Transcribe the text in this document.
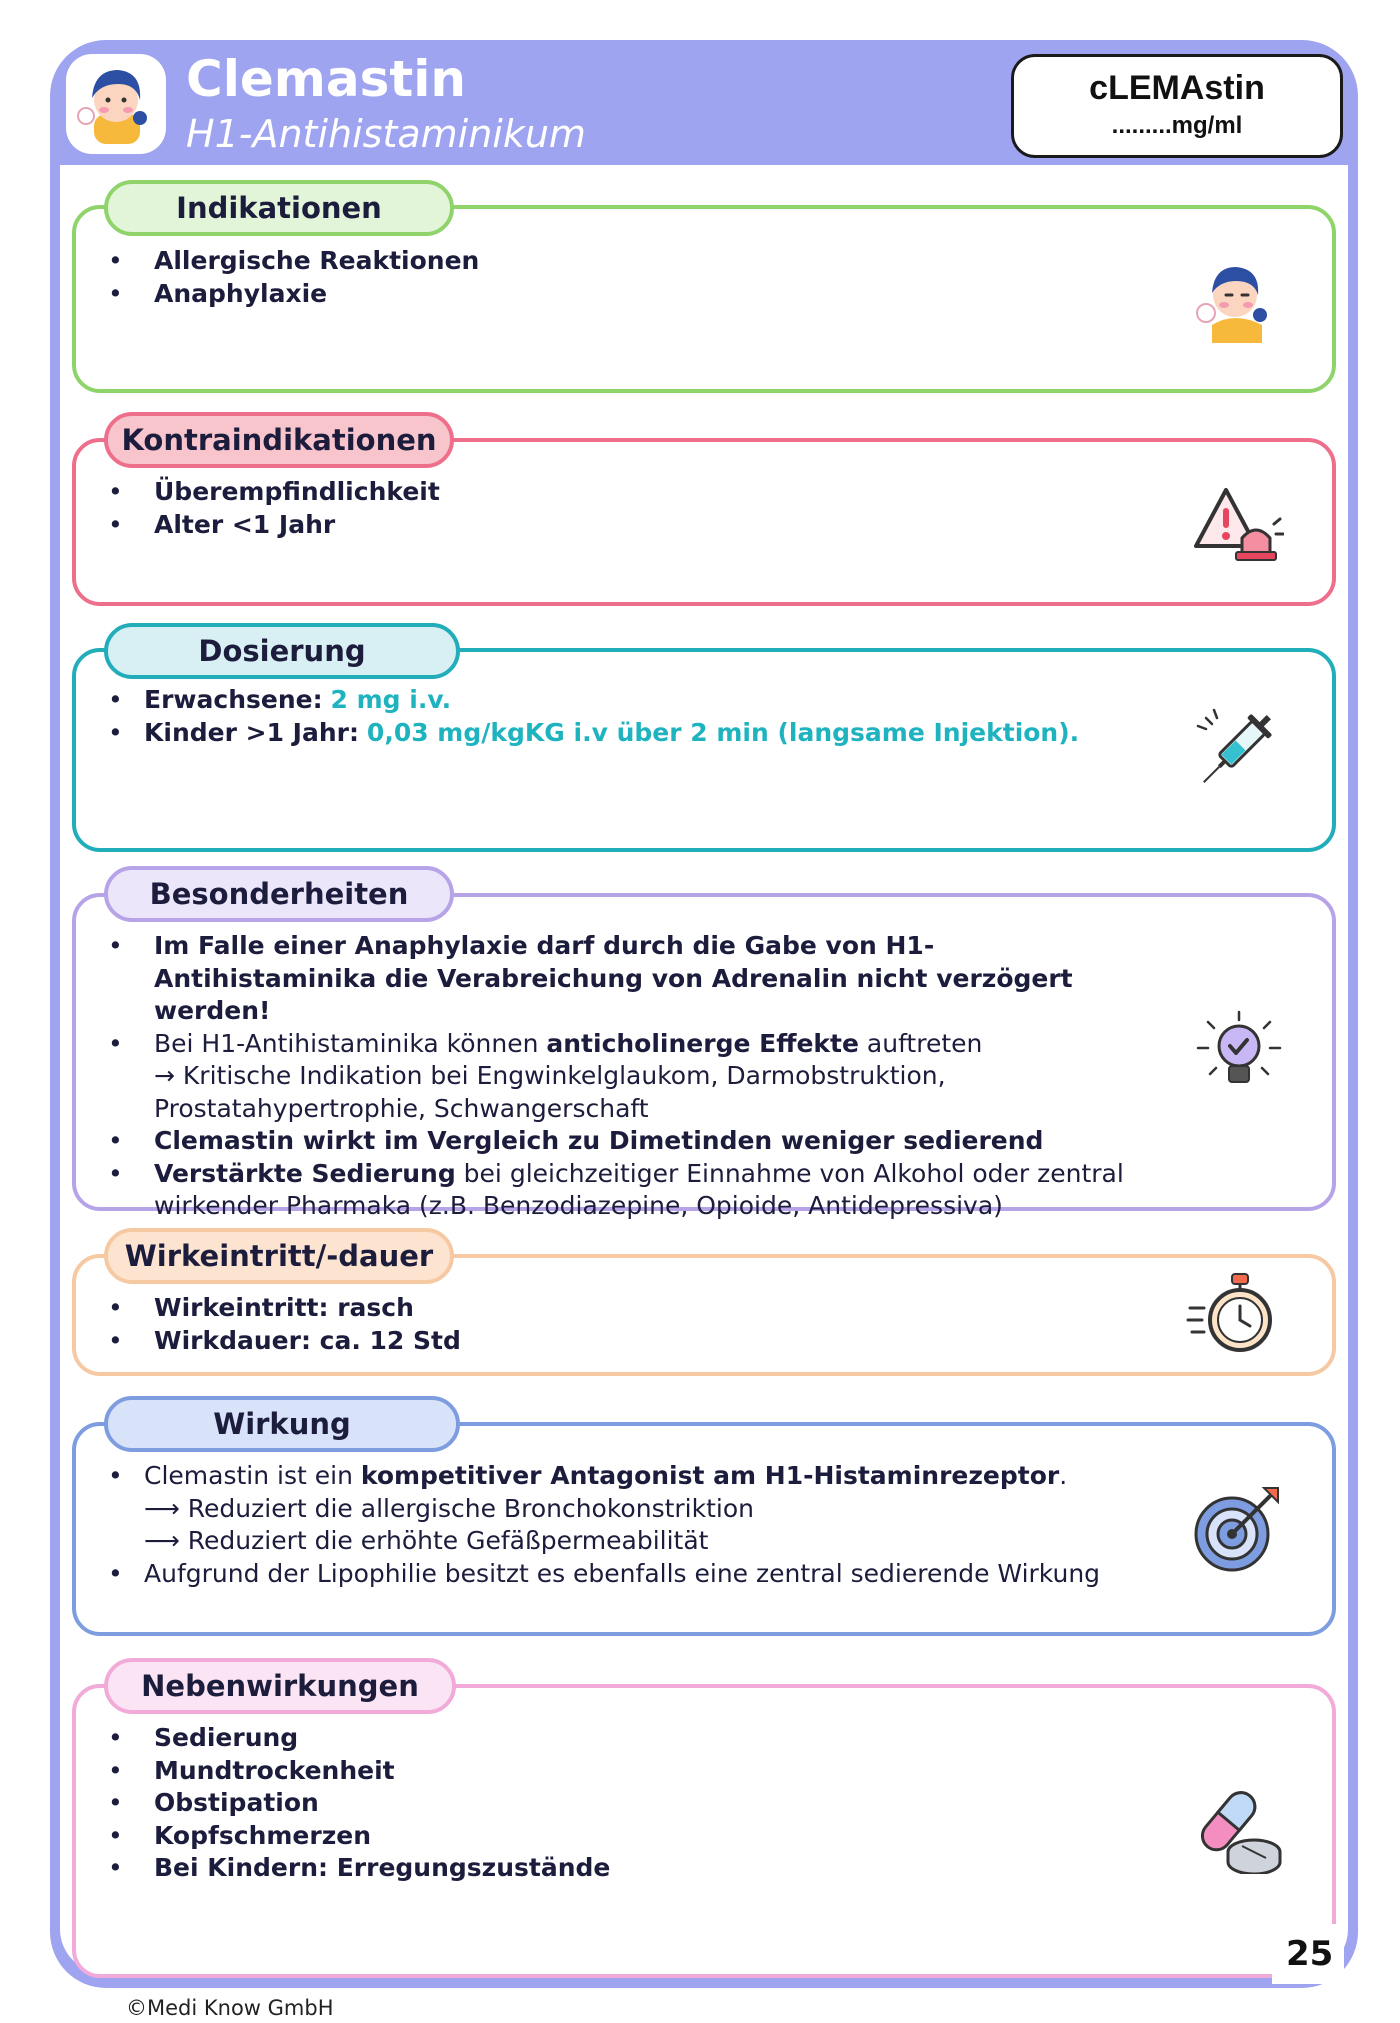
Clemastin
H1-Antihistaminikum
cLEMAstin
.........mg/ml
Indikationen
• Allergische Reaktionen
• Anaphylaxie
Kontraindikationen
• Überempfindlichkeit
• Alter <1 Jahr
Dosierung
• Erwachsene: 2 mg i.v.
• Kinder >1 Jahr: 0,03 mg/kgKG i.v über 2 min (langsame Injektion).
Besonderheiten
• Im Falle einer Anaphylaxie darf durch die Gabe von H1-Antihistaminika die Verabreichung von Adrenalin nicht verzögert werden!
• Bei H1-Antihistaminika können anticholinerge Effekte auftreten
→ Kritische Indikation bei Engwinkelglaukom, Darmobstruktion, Prostatahypertrophie, Schwangerschaft
• Clemastin wirkt im Vergleich zu Dimetinden weniger sedierend
• Verstärkte Sedierung bei gleichzeitiger Einnahme von Alkohol oder zentral wirkender Pharmaka (z.B. Benzodiazepine, Opioide, Antidepressiva)
Wirkeintritt/-dauer
• Wirkeintritt: rasch
• Wirkdauer: ca. 12 Std
Wirkung
• Clemastin ist ein kompetitiver Antagonist am H1-Histaminrezeptor.
⟶ Reduziert die allergische Bronchokonstriktion
⟶ Reduziert die erhöhte Gefäßpermeabilität
• Aufgrund der Lipophilie besitzt es ebenfalls eine zentral sedierende Wirkung
Nebenwirkungen
• Sedierung
• Mundtrockenheit
• Obstipation
• Kopfschmerzen
• Bei Kindern: Erregungszustände
25
©Medi Know GmbH
